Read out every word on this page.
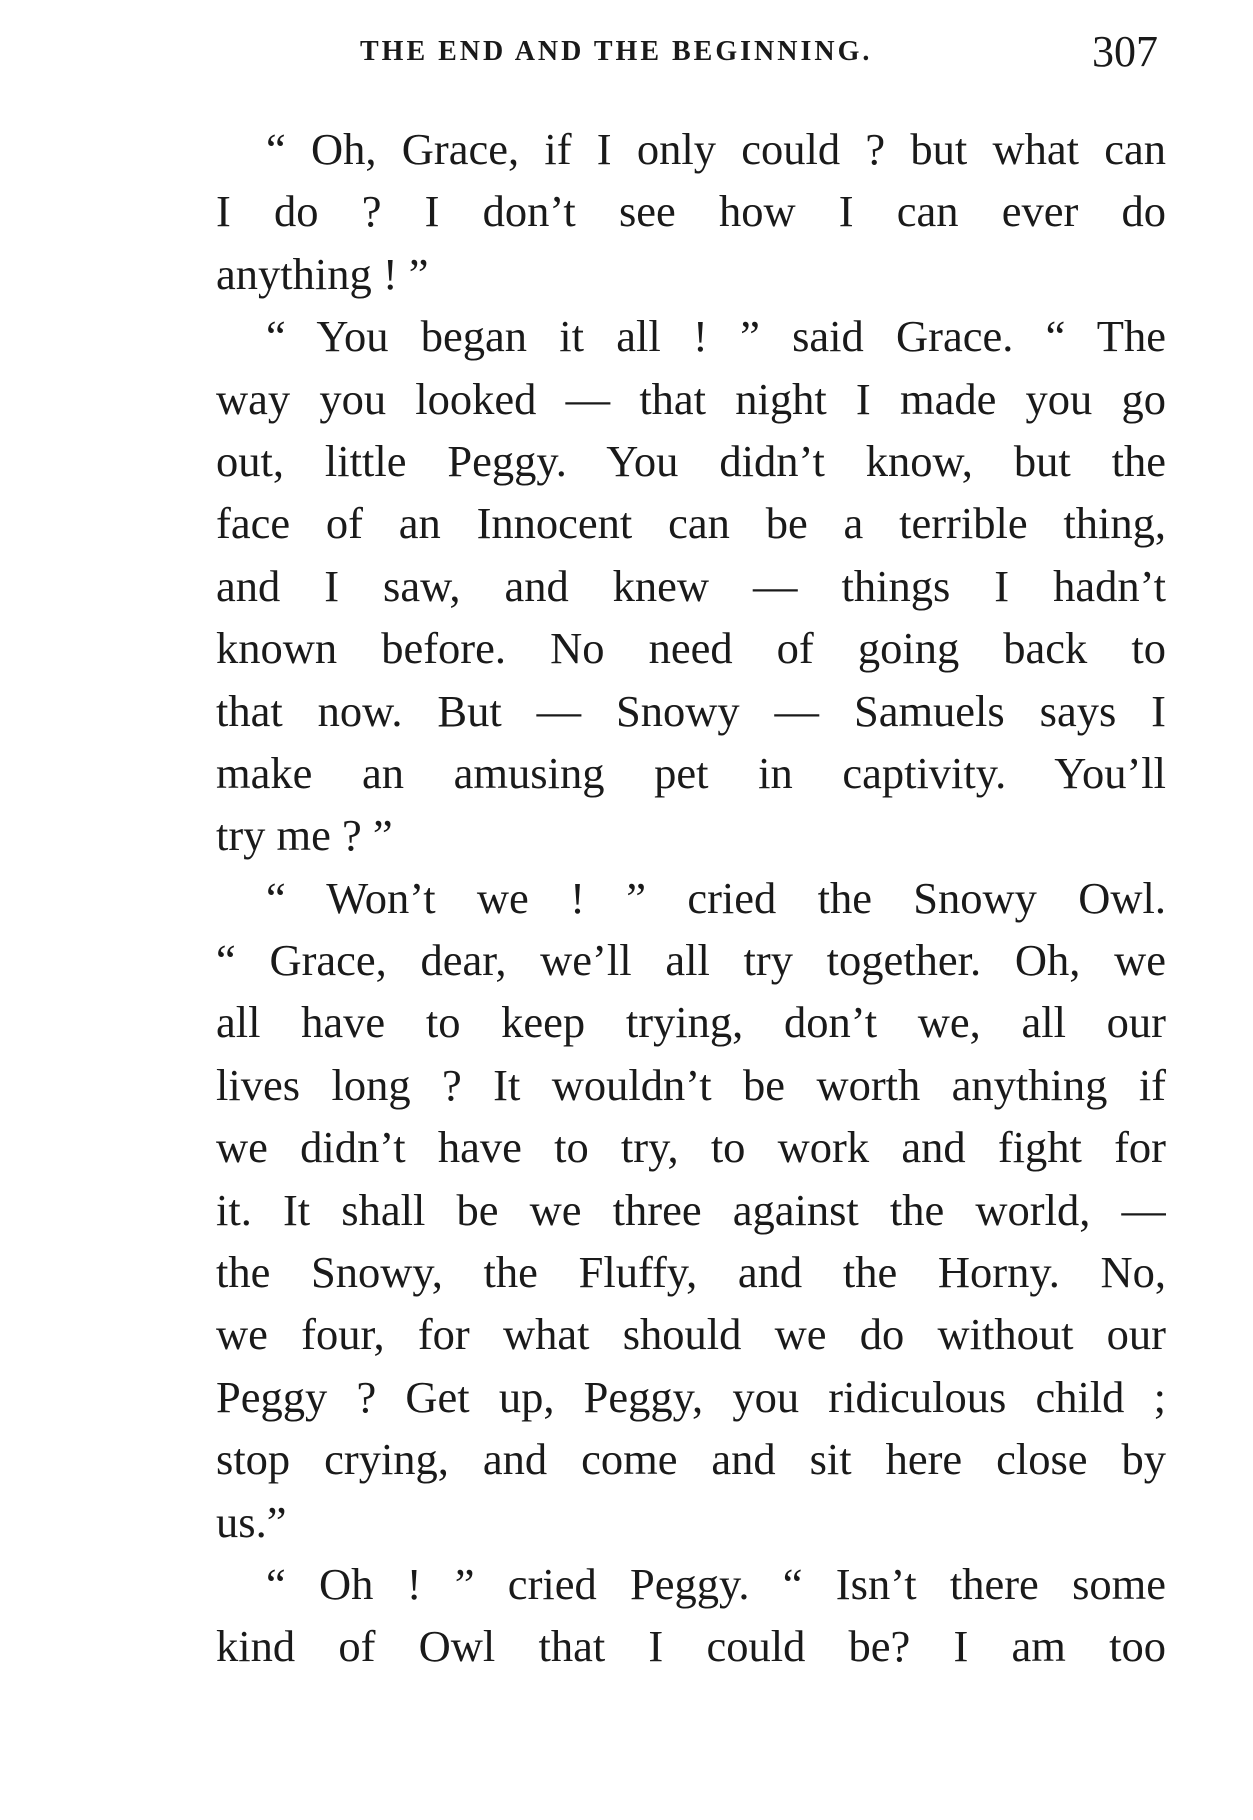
THE END AND THE BEGINNING.	307
“ Oh, Grace, if I only could ? but what can
I do ? I don’t see how I can ever do
anything ! ”
“ You began it all ! ” said Grace. “ The
way you looked — that night I made you go
out, little Peggy. You didn’t know, but the
face of an Innocent can be a terrible thing,
and I saw, and knew — things I hadn’t
known before. No need of going back to
that now. But — Snowy — Samuels says I
make an amusing pet in captivity. You’ll
try me ? ”
“ Won’t we ! ” cried the Snowy Owl.
“ Grace, dear, we’ll all try together. Oh, we
all have to keep trying, don’t we, all our
lives long ? It wouldn’t be worth anything if
we didn’t have to try, to work and fight for
it. It shall be we three against the world, —
the Snowy, the Fluffy, and the Horny. No,
we four, for what should we do without our
Peggy ? Get up, Peggy, you ridiculous child ;
stop crying, and come and sit here close by
us.”
“ Oh ! ” cried Peggy. “ Isn’t there some
kind of Owl that I could be? I am too
